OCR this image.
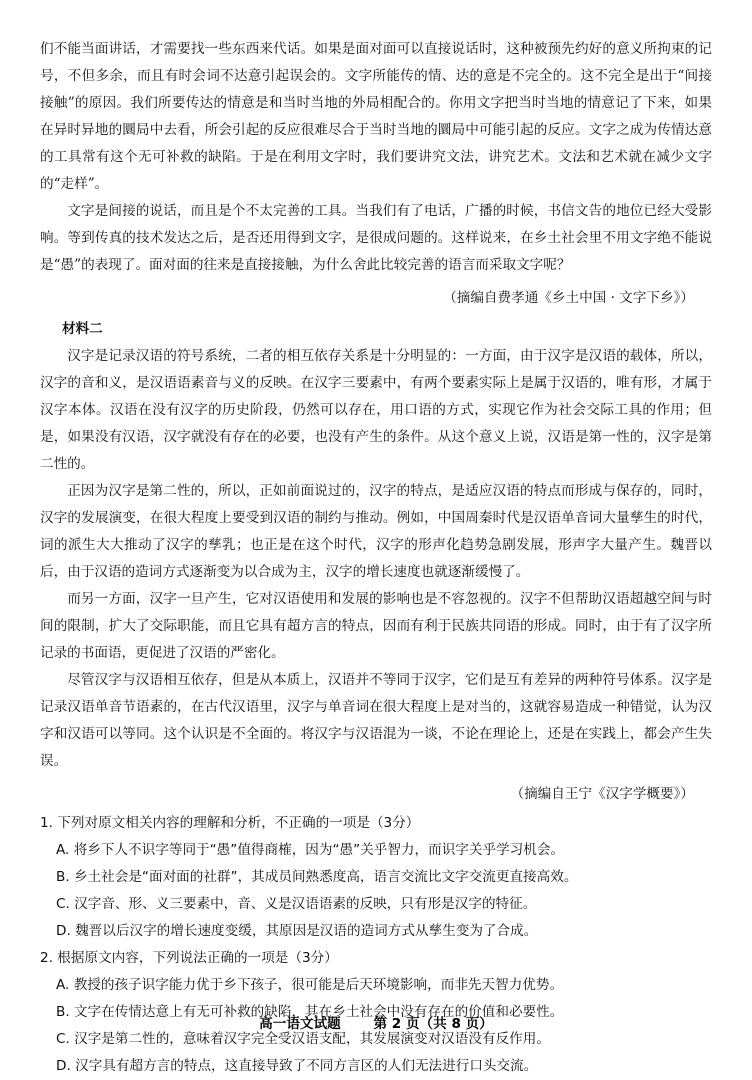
们不能当面讲话，才需要找一些东西来代话。如果是面对面可以直接说话时，这种被预先约好的意义所拘束的记号，不但多余，而且有时会词不达意引起误会的。文字所能传的情、达的意是不完全的。这不完全是出于“间接接触”的原因。我们所要传达的情意是和当时当地的外局相配合的。你用文字把当时当地的情意记了下来，如果在异时异地的圜局中去看，所会引起的反应很难尽合于当时当地的圜局中可能引起的反应。文字之成为传情达意的工具常有这个无可补救的缺陷。于是在利用文字时，我们要讲究文法，讲究艺术。文法和艺术就在减少文字的“走样”。

文字是间接的说话，而且是个不太完善的工具。当我们有了电话，广播的时候，书信文告的地位已经大受影响。等到传真的技术发达之后，是否还用得到文字，是很成问题的。这样说来，在乡土社会里不用文字绝不能说是“愚”的表现了。面对面的往来是直接接触，为什么舍此比较完善的语言而采取文字呢？

（摘编自费孝通《乡土中国 · 文字下乡》）

材料二

汉字是记录汉语的符号系统，二者的相互依存关系是十分明显的：一方面，由于汉字是汉语的载体，所以，汉字的音和义，是汉语语素音与义的反映。在汉字三要素中，有两个要素实际上是属于汉语的，唯有形，才属于汉字本体。汉语在没有汉字的历史阶段，仍然可以存在，用口语的方式，实现它作为社会交际工具的作用；但是，如果没有汉语，汉字就没有存在的必要，也没有产生的条件。从这个意义上说，汉语是第一性的，汉字是第二性的。

正因为汉字是第二性的，所以，正如前面说过的，汉字的特点，是适应汉语的特点而形成与保存的，同时，汉字的发展演变，在很大程度上要受到汉语的制约与推动。例如，中国周秦时代是汉语单音词大量孳生的时代，词的派生大大推动了汉字的孳乳；也正是在这个时代，汉字的形声化趋势急剧发展，形声字大量产生。魏晋以后，由于汉语的造词方式逐渐变为以合成为主，汉字的增长速度也就逐渐缓慢了。

而另一方面，汉字一旦产生，它对汉语使用和发展的影响也是不容忽视的。汉字不但帮助汉语超越空间与时间的限制，扩大了交际职能，而且它具有超方言的特点，因而有利于民族共同语的形成。同时，由于有了汉字所记录的书面语，更促进了汉语的严密化。

尽管汉字与汉语相互依存，但是从本质上，汉语并不等同于汉字，它们是互有差异的两种符号体系。汉字是记录汉语单音节语素的，在古代汉语里，汉字与单音词在很大程度上是对当的，这就容易造成一种错觉，认为汉字和汉语可以等同。这个认识是不全面的。将汉字与汉语混为一谈，不论在理论上，还是在实践上，都会产生失误。

（摘编自王宁《汉字学概要》）

1. 下列对原文相关内容的理解和分析，不正确的一项是（3分）

A. 将乡下人不识字等同于“愚”值得商榷，因为“愚”关乎智力，而识字关乎学习机会。

B. 乡土社会是“面对面的社群”，其成员间熟悉度高，语言交流比文字交流更直接高效。

C. 汉字音、形、义三要素中，音、义是汉语语素的反映，只有形是汉字的特征。

D. 魏晋以后汉字的增长速度变缓，其原因是汉语的造词方式从孳生变为了合成。

2. 根据原文内容，下列说法正确的一项是（3分）

A. 教授的孩子识字能力优于乡下孩子，很可能是后天环境影响，而非先天智力优势。

B. 文字在传情达意上有无可补救的缺陷，其在乡土社会中没有存在的价值和必要性。

C. 汉字是第二性的，意味着汉字完全受汉语支配，其发展演变对汉语没有反作用。

D. 汉字具有超方言的特点，这直接导致了不同方言区的人们无法进行口头交流。

高一语文试题 第 2 页（共 8 页）
